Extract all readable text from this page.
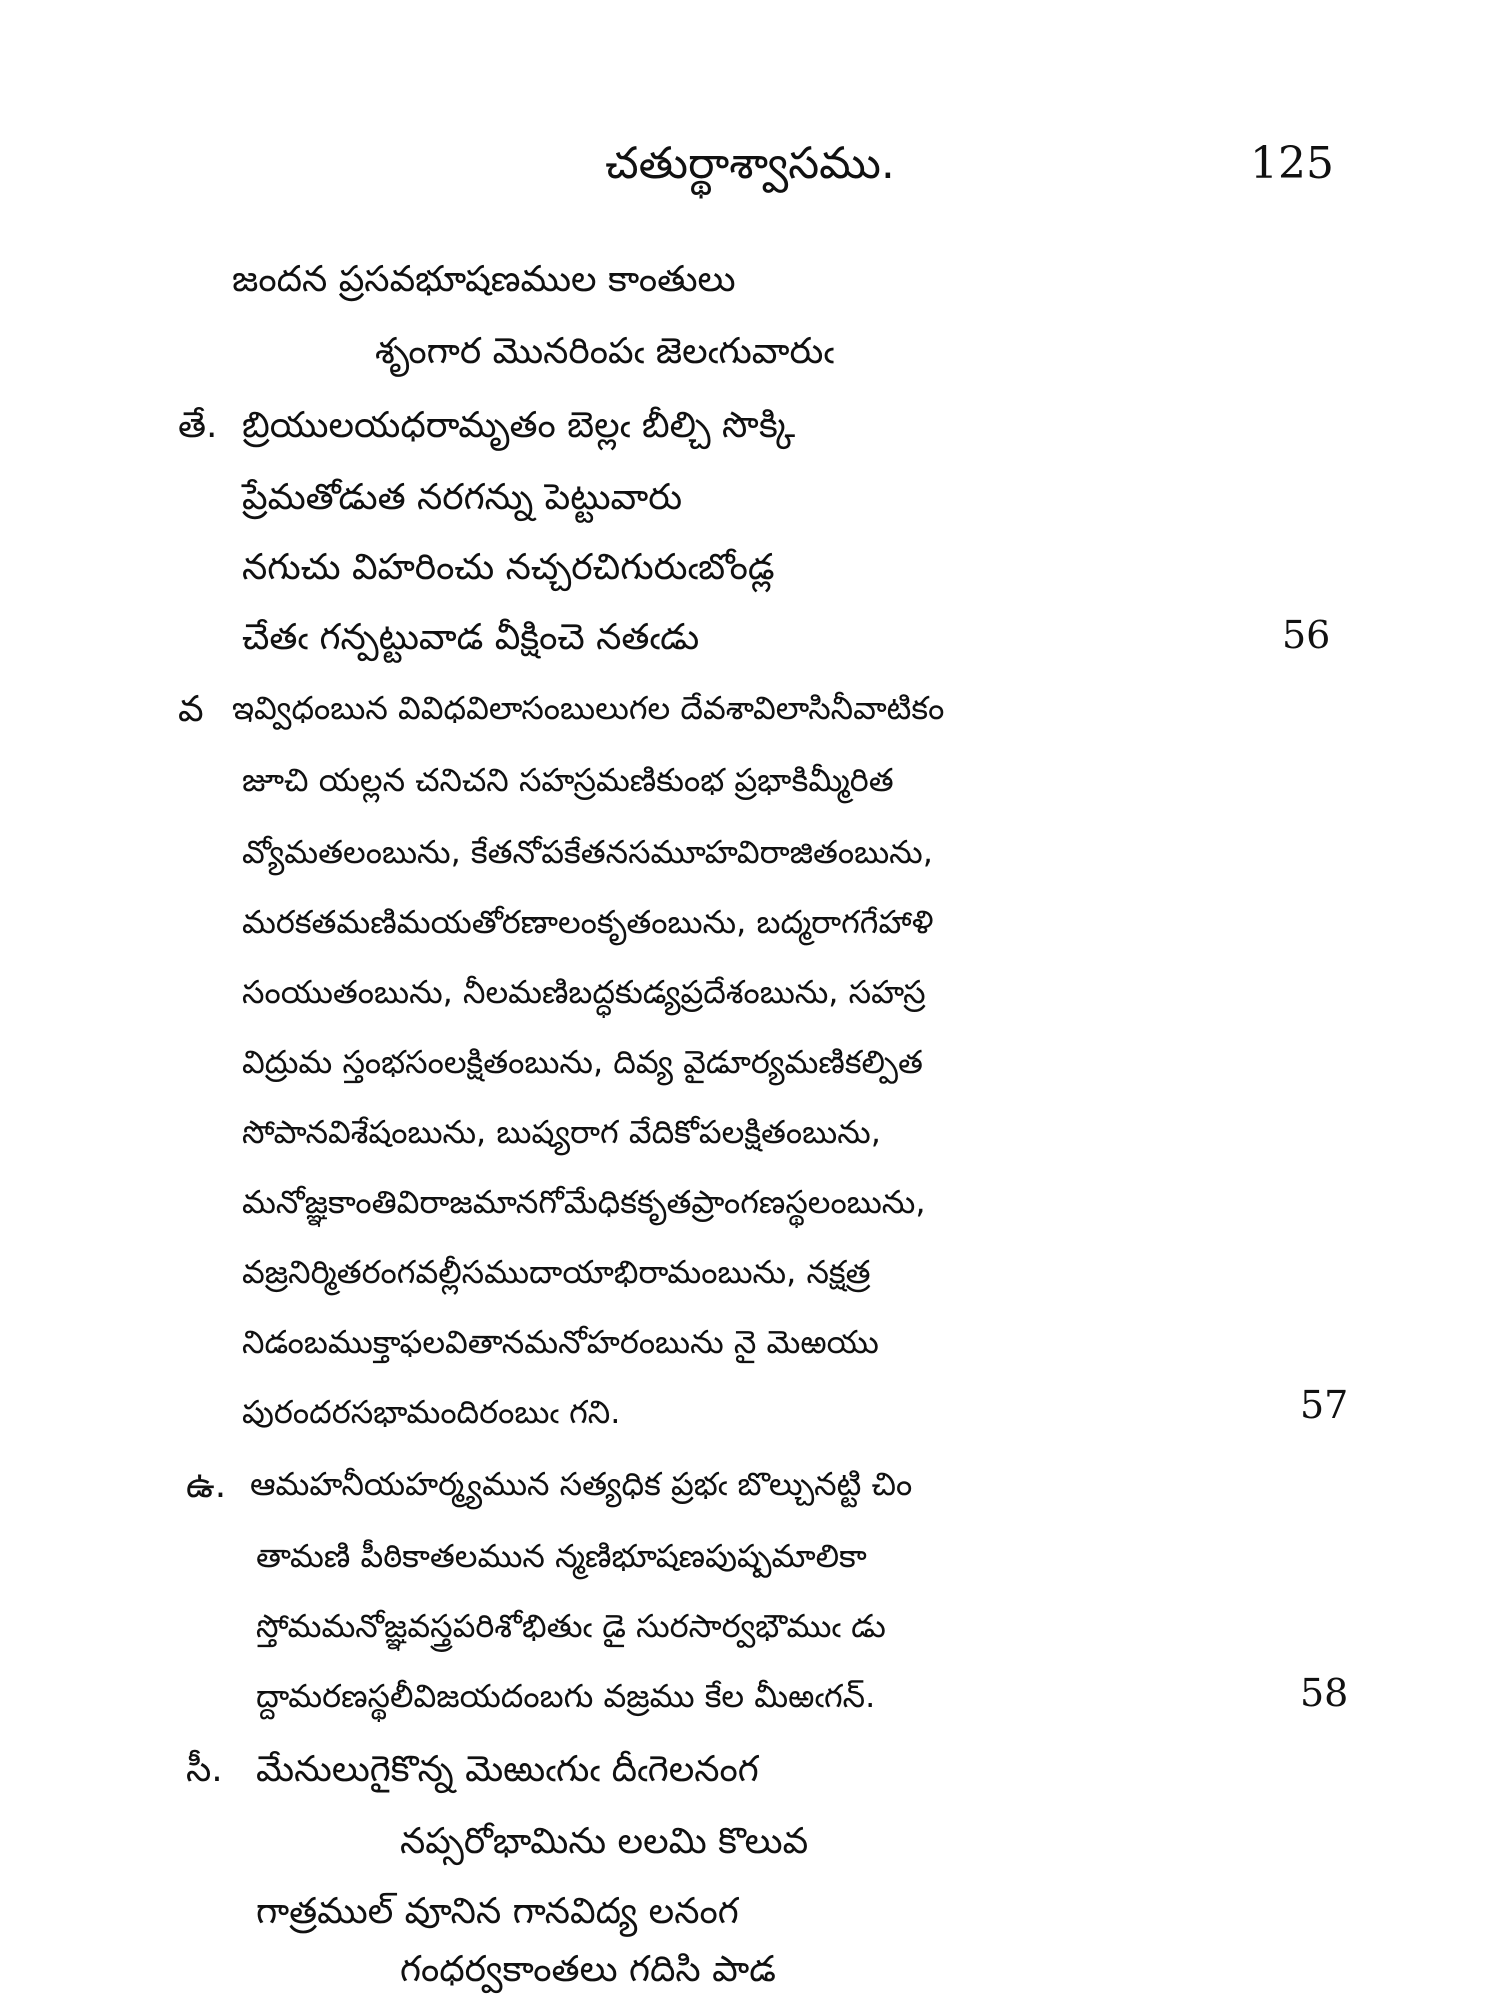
చతుర్థాశ్వాసము.	125
జందన ప్రసవభూషణముల కాంతులు
శృంగార మొనరింపఁ జెలఁగువారుఁ
తే. బ్రియులయధరామృతం బెల్లఁ బీల్చి సొక్కి
ప్రేమతోడుత నరగన్ను పెట్టువారు
నగుచు విహరించు నచ్చరచిగురుఁబోండ్ల
చేతఁ గన్పట్టువాడ వీక్షించె నతఁడు	56
వ ఇవ్విధంబున వివిధవిలాసంబులుగల దేవశావిలాసినీవాటికం
జూచి యల్లన చనిచని సహస్రమణికుంభ ప్రభాకిమ్మీరిత
వ్యోమతలంబును, కేతనోపకేతనసమూహవిరాజితంబును,
మరకతమణిమయతోరణాలంకృతంబును, బద్మరాగగేహాళి
సంయుతంబును, నీలమణిబద్ధకుడ్యప్రదేశంబును, సహస్ర
విద్రుమ స్తంభసంలక్షితంబును, దివ్య వైడూర్యమణికల్పిత
సోపానవిశేషంబును, బుష్యరాగ వేదికోపలక్షితంబును,
మనోజ్ఞకాంతివిరాజమానగోమేధికకృతప్రాంగణస్థలంబును,
వజ్రనిర్మితరంగవల్లీసముదాయాభిరామంబును, నక్షత్ర
నిడంబముక్తాఫలవితానమనోహరంబును నై మెఱయు
పురందరసభామందిరంబుఁ గని.	57
ఉ. ఆమహనీయహర్మ్యమున సత్యధిక ప్రభఁ బొల్చునట్టి చిం
తామణి పీఠికాతలమున న్మణిభూషణపుష్పమాలికా
స్తోమమనోజ్ఞవస్త్రపరిశోభితుఁ డై సురసార్వభౌముఁ డు
ద్దామరణస్థలీవిజయదంబగు వజ్రము కేల మీఱఁగన్.	58
సీ. మేనులుగైకొన్న మెఱుఁగుఁ దీఁగెలనంగ
నప్సరోభామిను లలమి కొలువ
గాత్రముల్ వూనిన గానవిద్య లనంగ
గంధర్వకాంతలు గదిసి పాడ
